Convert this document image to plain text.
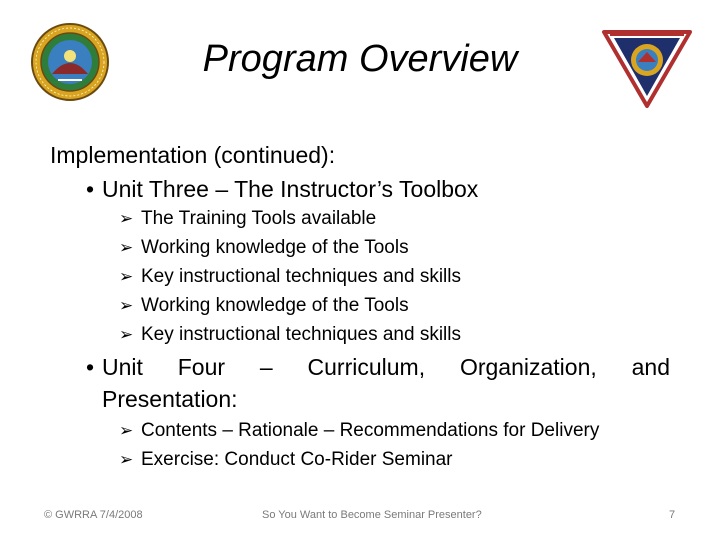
Program Overview
Implementation (continued):
• Unit Three – The Instructor’s Toolbox
➢ The Training Tools available
➢ Working knowledge of the Tools
➢ Key instructional techniques and skills
➢ Working knowledge of the Tools
➢ Key instructional techniques and skills
• Unit Four – Curriculum, Organization, and
Presentation:
➢ Contents – Rationale – Recommendations for Delivery
➢ Exercise: Conduct Co-Rider Seminar
© GWRRA 7/4/2008	So You Want to Become Seminar Presenter?	7
